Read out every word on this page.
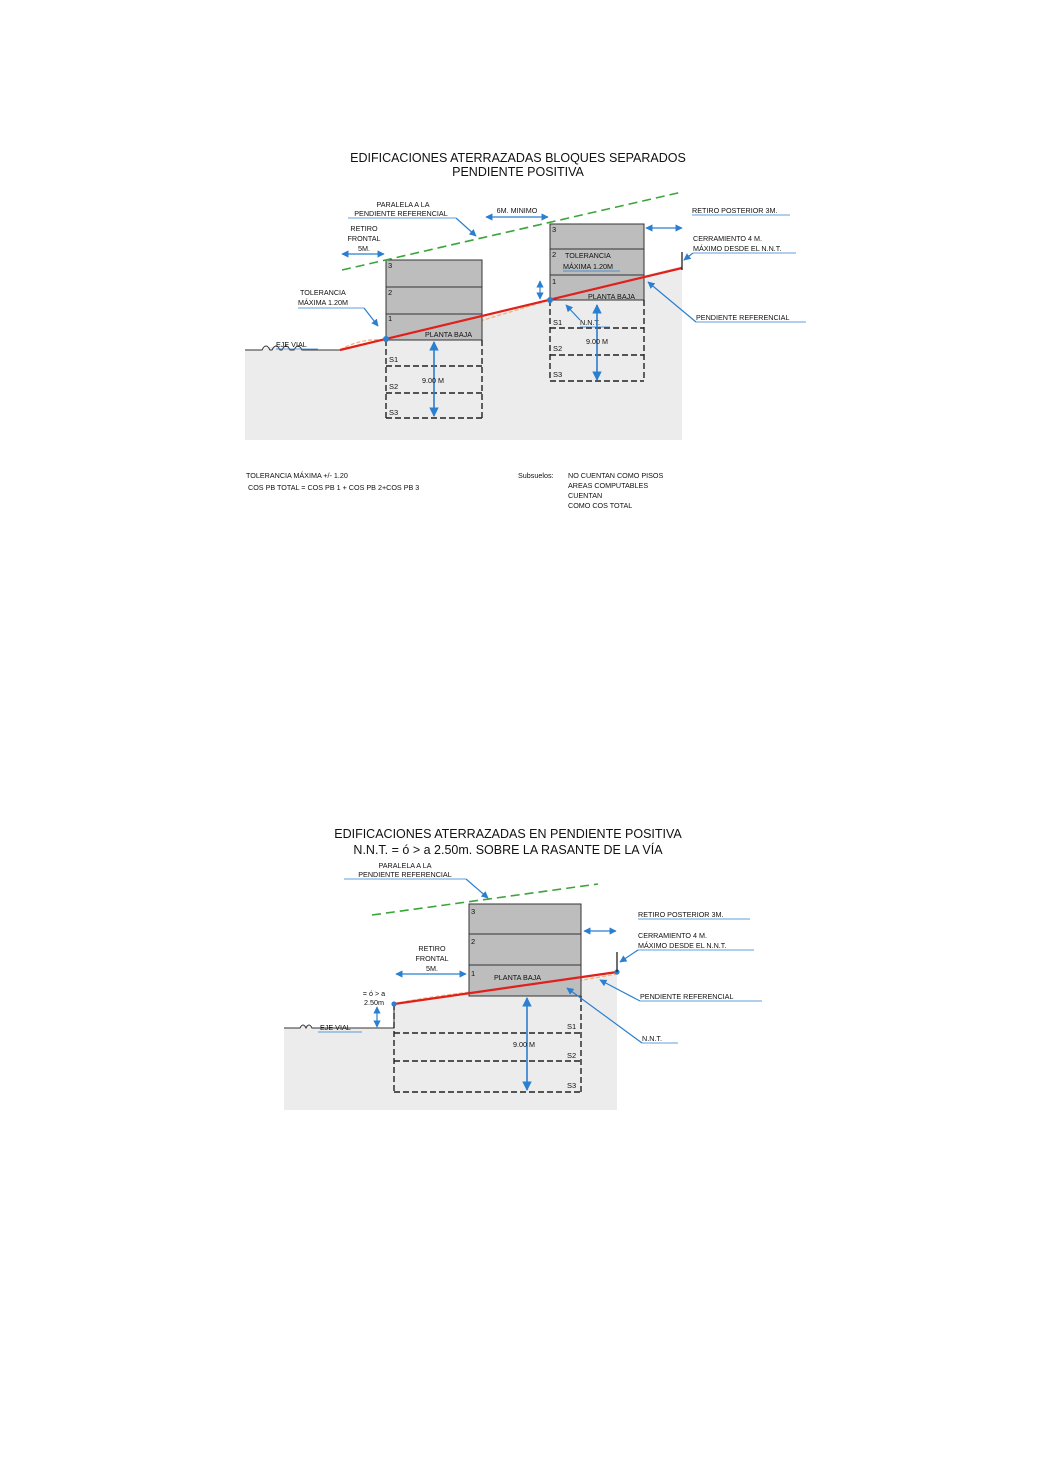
EDIFICACIONES ATERRAZADAS BLOQUES SEPARADOS
PENDIENTE POSITIVA
3
2
1
PLANTA BAJA
S1
S2
S3
9.00 M
3
2
1
TOLERANCIA
MÁXIMA 1.20M
PLANTA BAJA
S1
S2
S3
N.N.T.
9.00 M
PARALELA A LA
PENDIENTE REFERENCIAL	6M. MINIMO
RETIRO
FRONTAL
5M.
TOLERANCIA
MÁXIMA 1.20M
EJE VIAL
RETIRO POSTERIOR 3M.
CERRAMIENTO 4 M.
MÁXIMO DESDE EL N.N.T.
PENDIENTE REFERENCIAL
TOLERANCIA MÁXIMA +/- 1.20
COS PB TOTAL = COS PB 1 + COS PB 2+COS PB 3
Subsuelos: NO CUENTAN COMO PISOS
AREAS COMPUTABLES
CUENTAN
COMO COS TOTAL
EDIFICACIONES ATERRAZADAS EN PENDIENTE POSITIVA
N.N.T. = ó > a 2.50m. SOBRE LA RASANTE DE LA VÍA
3
2
1	PLANTA BAJA
S1
S2
S3
9.00 M
PARALELA A LA
PENDIENTE REFERENCIAL
RETIRO
FRONTAL
5M.
= ó > a
2.50m
EJE VIAL
RETIRO POSTERIOR 3M.
CERRAMIENTO 4 M.
MÁXIMO DESDE EL N.N.T.
PENDIENTE REFERENCIAL
N.N.T.
